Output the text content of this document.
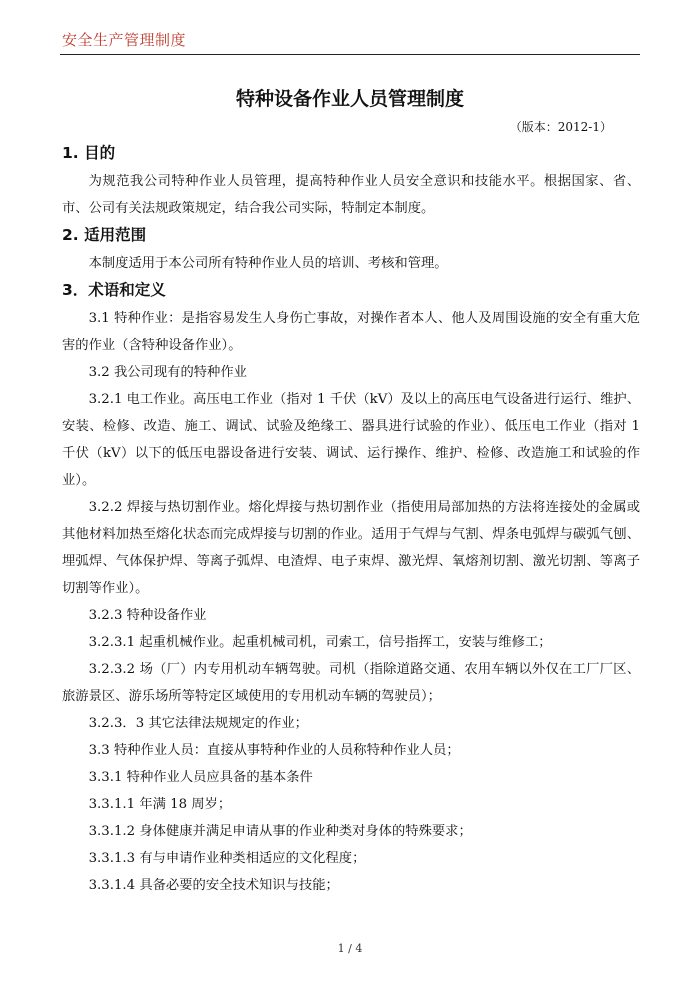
安全生产管理制度
特种设备作业人员管理制度
（版本：2012-1）
1. 目的

为规范我公司特种作业人员管理，提高特种作业人员安全意识和技能水平。根据国家、省、市、公司有关法规政策规定，结合我公司实际，特制定本制度。

2. 适用范围

本制度适用于本公司所有特种作业人员的培训、考核和管理。

3．术语和定义

3.1 特种作业：是指容易发生人身伤亡事故，对操作者本人、他人及周围设施的安全有重大危害的作业（含特种设备作业）。

3.2 我公司现有的特种作业

3.2.1 电工作业。高压电工作业（指对 1 千伏（kV）及以上的高压电气设备进行运行、维护、安装、检修、改造、施工、调试、试验及绝缘工、器具进行试验的作业）、低压电工作业（指对 1 千伏（kV）以下的低压电器设备进行安装、调试、运行操作、维护、检修、改造施工和试验的作业）。

3.2.2 焊接与热切割作业。熔化焊接与热切割作业（指使用局部加热的方法将连接处的金属或其他材料加热至熔化状态而完成焊接与切割的作业。适用于气焊与气割、焊条电弧焊与碳弧气刨、埋弧焊、气体保护焊、等离子弧焊、电渣焊、电子束焊、激光焊、氧熔剂切割、激光切割、等离子切割等作业）。

3.2.3 特种设备作业

3.2.3.1 起重机械作业。起重机械司机，司索工，信号指挥工，安装与维修工；

3.2.3.2 场（厂）内专用机动车辆驾驶。司机（指除道路交通、农用车辆以外仅在工厂厂区、旅游景区、游乐场所等特定区域使用的专用机动车辆的驾驶员）；

3.2.3．3 其它法律法规规定的作业；

3.3 特种作业人员：直接从事特种作业的人员称特种作业人员；

3.3.1 特种作业人员应具备的基本条件

3.3.1.1 年满 18 周岁；

3.3.1.2 身体健康并满足申请从事的作业种类对身体的特殊要求；

3.3.1.3 有与申请作业种类相适应的文化程度；

3.3.1.4 具备必要的安全技术知识与技能；

1 / 4
